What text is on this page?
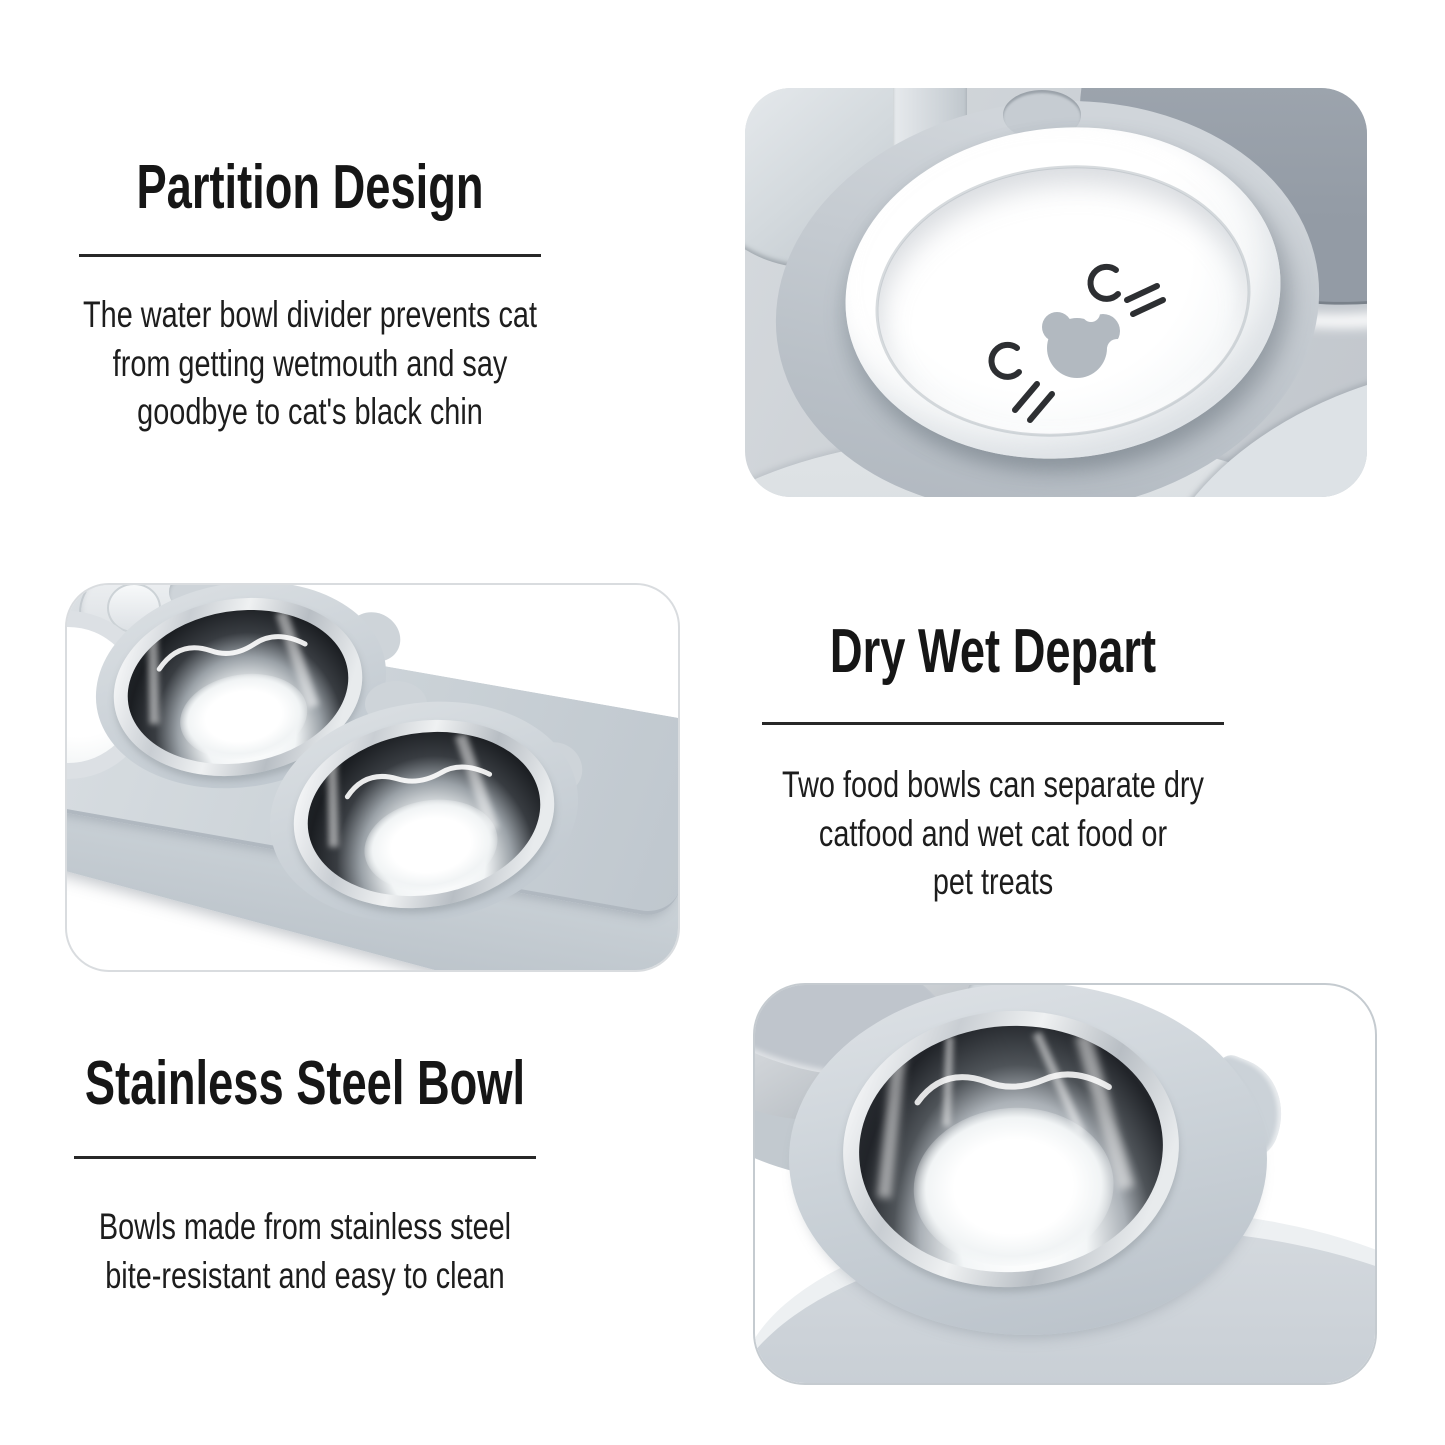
Partition Design

The water bowl divider prevents cat
from getting wetmouth and say
goodbye to cat's black chin

Dry Wet Depart

Two food bowls can separate dry
catfood and wet cat food or
pet treats

Stainless Steel Bowl

Bowls made from stainless steel
bite-resistant and easy to clean
